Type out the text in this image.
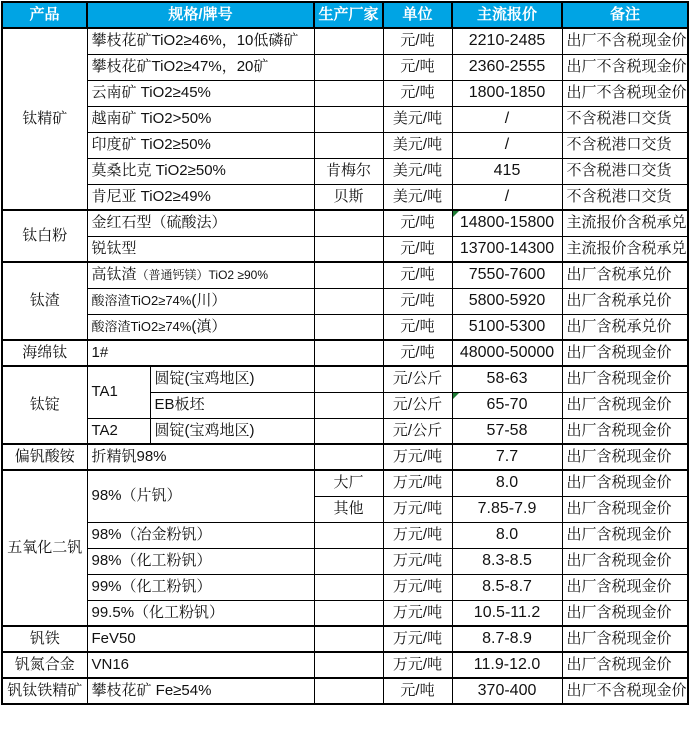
产品	规格/牌号		生产厂家	单位	主流报价	备注
钛精矿	攀枝花矿TiO2≥46%，10低磷矿			元/吨	2210-2485	出厂不含税现金价
	攀枝花矿TiO2≥47%，20矿			元/吨	2360-2555	出厂不含税现金价
	云南矿 TiO2≥45%			元/吨	1800-1850	出厂不含税现金价
	越南矿 TiO2>50%			美元/吨	/	不含税港口交货
	印度矿 TiO2≥50%			美元/吨	/	不含税港口交货
	莫桑比克 TiO2≥50%		肯梅尔	美元/吨	415	不含税港口交货
	肯尼亚 TiO2≥49%		贝斯	美元/吨	/	不含税港口交货
钛白粉	金红石型（硫酸法）			元/吨	14800-15800	主流报价含税承兑
	锐钛型			元/吨	13700-14300	主流报价含税承兑
钛渣	高钛渣（普通钙镁）TiO2 ≥90%			元/吨	7550-7600	出厂含税承兑价
	酸溶渣TiO2≥74%(川）			元/吨	5800-5920	出厂含税承兑价
	酸溶渣TiO2≥74%(滇）			元/吨	5100-5300	出厂含税承兑价
海绵钛	1#			元/吨	48000-50000	出厂含税现金价
钛锭	TA1	圆锭(宝鸡地区)		元/公斤	58-63	出厂含税现金价
		EB板坯		元/公斤	65-70	出厂含税现金价
	TA2	圆锭(宝鸡地区)		元/公斤	57-58	出厂含税现金价
偏钒酸铵	折精钒98%			万元/吨	7.7	出厂含税现金价
五氧化二钒	98%（片钒）		大厂	万元/吨	8.0	出厂含税现金价
			其他	万元/吨	7.85-7.9	出厂含税现金价
	98%（冶金粉钒）			万元/吨	8.0	出厂含税现金价
	98%（化工粉钒）			万元/吨	8.3-8.5	出厂含税现金价
	99%（化工粉钒）			万元/吨	8.5-8.7	出厂含税现金价
	99.5%（化工粉钒）			万元/吨	10.5-11.2	出厂含税现金价
钒铁	FeV50			万元/吨	8.7-8.9	出厂含税现金价
钒氮合金	VN16			万元/吨	11.9-12.0	出厂含税现金价
钒钛铁精矿	攀枝花矿 Fe≥54%			元/吨	370-400	出厂不含税现金价
